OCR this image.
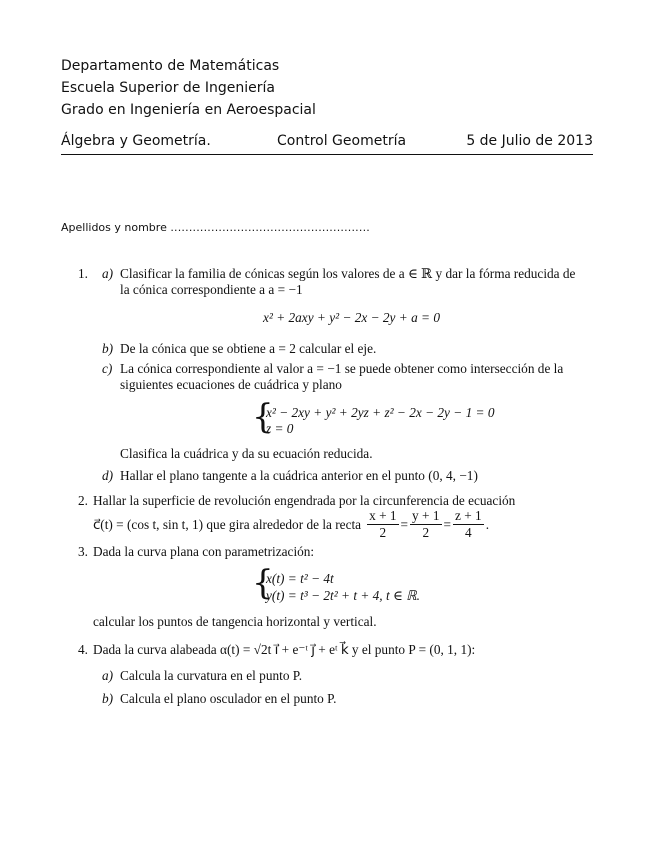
Departamento de Matemáticas
Escuela Superior de Ingeniería
Grado en Ingeniería en Aeroespacial
Álgebra y Geometría.	Control Geometría	5 de Julio de 2013
Apellidos y nombre ......................................................
1. a) Clasificar la familia de cónicas según los valores de a ∈ ℝ y dar la fórma reducida de
la cónica correspondiente a a = −1
x² + 2axy + y² − 2x − 2y + a = 0
b) De la cónica que se obtiene a = 2 calcular el eje.
c) La cónica correspondiente al valor a = −1 se puede obtener como intersección de la
siguientes ecuaciones de cuádrica y plano
{
x² − 2xy + y² + 2yz + z² − 2x − 2y − 1 = 0
z = 0
Clasifica la cuádrica y da su ecuación reducida.
d) Hallar el plano tangente a la cuádrica anterior en el punto (0, 4, −1)
2. Hallar la superficie de revolución engendrada por la circunferencia de ecuación
c⃗(t) = (cos t, sin t, 1) que gira alrededor de la recta $\frac{x + 1}{2} = \frac{y + 1}{2} = \frac{z + 1}{4}$ .
3. Dada la curva plana con parametrización:
{
x(t) = t² − 4t
y(t) = t³ − 2t² + t + 4, t ∈ ℝ.
calcular los puntos de tangencia horizontal y vertical.
4. Dada la curva alabeada α(t) = √2t i⃗ + e⁻ᵗ j⃗ + eᵗ k⃗ y el punto P = (0, 1, 1):
a) Calcula la curvatura en el punto P.
b) Calcula el plano osculador en el punto P.
